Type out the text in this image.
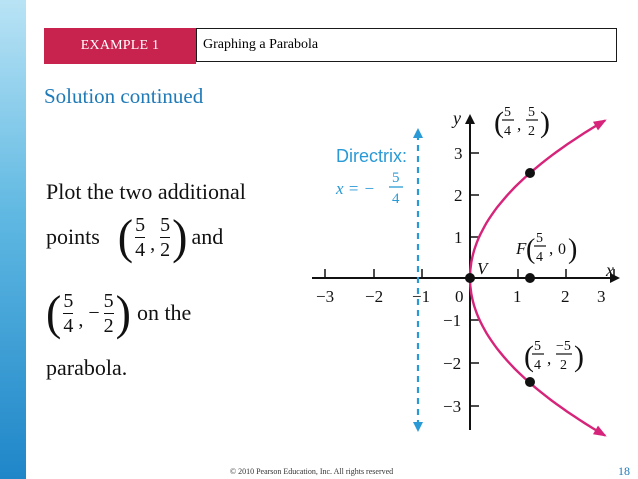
EXAMPLE 1	Graphing a Parabola
Solution continued
Plot the two additional
points ( $\frac{5}{4}$ , $\frac{5}{2}$ ) and
( $\frac{5}{4}$ , − $\frac{5}{2}$ ) on the
parabola.
−3 −2 −1 0	1 2 3
3
2
1
−1
−2
−3
x
y
Directrix:
x = −
5
4
V
F ( 5
4 , 0 )
( 5
4 ,
5
2 )
( 5
4 ,
−5
2 )
© 2010 Pearson Education, Inc. All rights reserved	18
